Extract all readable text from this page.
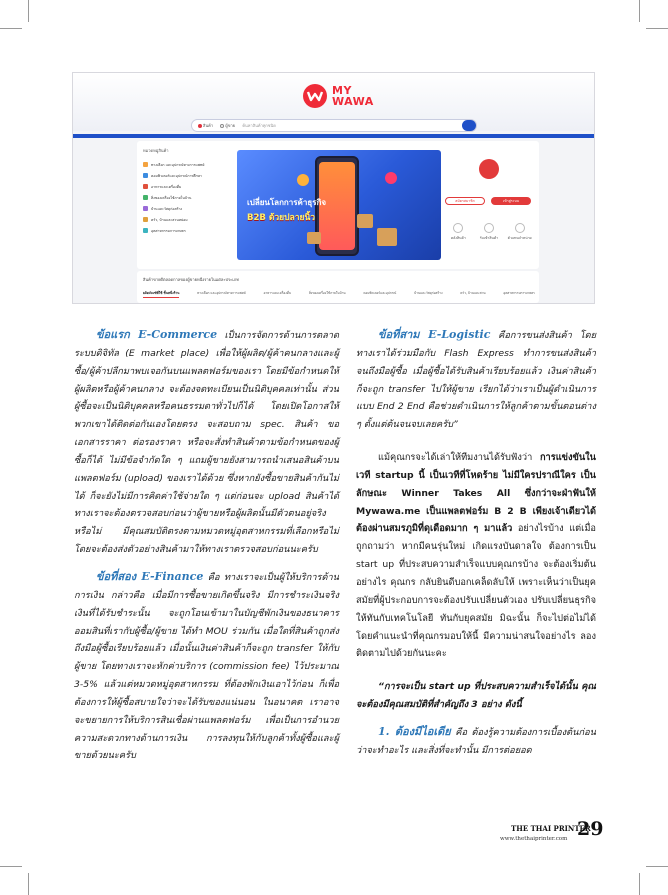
MY
WAWA
สินค้า	ผู้ขาย ค้นหาสินค้าทุกชนิด
หมวดหมู่สินค้า
ทางเลือก และอุปกรณ์ทางการแพทย์
คอมพิวเตอร์และอุปกรณ์การศึกษา
อาหารและเครื่องดื่ม
สิ่งของเครื่องใช้ภายในบ้าน
บ้านและวัสดุก่อสร้าง
ครัว, บ้านและสวนหย่อม
อุตสาหกรรมการเกษตร
เปลี่ยนโลกการค้าธุรกิจ
B2B ด้วยปลายนิ้ว
สมัครสมาชิก	เข้าสู่ระบบ
คลังสินค้า	รับเข้าสินค้า	ตัวแทนจำหน่าย
สินค้าขายดีตลอดกาลของผู้ขายหนึ่งรายในแต่ละประเภท
ผลิตภัณฑ์ที่ใช้ ชิ้นหนึ่งร้าน	ทางเลือก และอุปกรณ์ทางการแพทย์	อาหารและเครื่องดื่ม	สิ่งของเครื่องใช้ภายในบ้าน	คอมพิวเตอร์และอุปกรณ์	บ้านและวัสดุก่อสร้าง	ครัว, บ้านและสวน	อุตสาหกรรมการเกษตร

ข้อแรก E-Commerce เป็นการจัดการด้านการตลาด ระบบดิจิทัล (E market place) เพื่อให้ผู้ผลิต/ผู้ค้าคนกลางและผู้ซื้อ/ผู้ค้าปลีกมาพบเจอกันบนแพลตฟอร์มของเรา โดยมีข้อกำหนดให้ผู้ผลิตหรือผู้ค้าคนกลาง จะต้องจดทะเบียนเป็นนิติบุคคลเท่านั้น ส่วนผู้ซื้อจะเป็นนิติบุคคลหรือคนธรรมดาทั่วไปก็ได้ โดยเปิดโอกาสให้พวกเขาได้ติดต่อกันเองโดยตรง จะสอบถาม spec. สินค้า ขอเอกสารราคา ต่อรองราคา หรือจะสั่งทำสินค้าตามข้อกำหนดของผู้ซื้อก็ได้ ไม่มีข้อจำกัดใด ๆ แถมผู้ขายยังสามารถนำเสนอสินค้าบนแพลตฟอร์ม (upload) ของเราได้ด้วย ซึ่งหากยังซื้อขายสินค้ากันไม่ได้ ก็จะยังไม่มีการคิดค่าใช้จ่ายใด ๆ แต่ก่อนจะ upload สินค้าได้ ทางเราจะต้องตรวจสอบก่อนว่าผู้ขายหรือผู้ผลิตนั้นมีตัวตนอยู่จริงหรือไม่ มีคุณสมบัติตรงตามหมวดหมู่อุตสาหกรรมที่เลือกหรือไม่ โดยจะต้องส่งตัวอย่างสินค้ามาให้ทางเราตรวจสอบก่อนนะครับ

ข้อที่สอง E-Finance คือ ทางเราจะเป็นผู้ให้บริการด้านการเงิน กล่าวคือ เมื่อมีการซื้อขายเกิดขึ้นจริง มีการชำระเงินจริง เงินที่ได้รับชำระนั้น จะถูกโอนเข้ามาในบัญชีพักเงินของธนาคาร ออมสินที่เรากับผู้ซื้อ/ผู้ขาย ได้ทำ MOU ร่วมกัน เมื่อใดที่สินค้าถูกส่งถึงมือผู้ซื้อเรียบร้อยแล้ว เมื่อนั้นเงินค่าสินค้าก็จะถูก transfer ให้กับผู้ขาย โดยทางเราจะหักค่าบริการ (commission fee) ไว้ประมาณ 3-5% แล้วแต่หมวดหมู่อุตสาหกรรม ที่ต้องพักเงินเอาไว้ก่อน ก็เพื่อต้องการให้ผู้ซื้อสบายใจว่าจะได้รับของแน่นอน ในอนาคต เราอาจจะขยายการให้บริการสินเชื่อผ่านแพลตฟอร์ม เพื่อเป็นการอำนวยความสะดวกทางด้านการเงิน การลงทุนให้กับลูกค้าทั้งผู้ซื้อและผู้ขายด้วยนะครับ

ข้อที่สาม E-Logistic คือการขนส่งสินค้า โดยทางเราได้ร่วมมือกับ Flash Express ทำการขนส่งสินค้าจนถึงมือผู้ซื้อ เมื่อผู้ซื้อได้รับสินค้าเรียบร้อยแล้ว เงินค่าสินค้าก็จะถูก transfer ไปให้ผู้ขาย เรียกได้ว่าเราเป็นผู้ดำเนินการแบบ End 2 End คือช่วยดำเนินการให้ลูกค้าตามขั้นตอนต่าง ๆ ตั้งแต่ต้นจนจบเลยครับ”

แม้คุณกรจะได้เล่าให้ทีมงานได้รับฟังว่า การแข่งขันในเวที startup นี้ เป็นเวทีที่โหดร้าย ไม่มีใครปราณีใคร เป็นลักษณะ Winner Takes All ซึ่งกว่าจะฝ่าฟันให้ Mywawa.me เป็นแพลตฟอร์ม B 2 B เพียงเจ้าเดียวได้ ต้องผ่านสมรภูมิที่ดุเดือดมาก ๆ มาแล้ว อย่างไรบ้าง แต่เมื่อถูกถามว่า หากมีคนรุ่นใหม่ เกิดแรงบันดาลใจ ต้องการเป็น start up ที่ประสบความสำเร็จแบบคุณกรบ้าง จะต้องเริ่มต้นอย่างไร คุณกร กลับยินดีบอกเคล็ดลับให้ เพราะเห็นว่าเป็นยุคสมัยที่ผู้ประกอบการจะต้องปรับเปลี่ยนตัวเอง ปรับเปลี่ยนธุรกิจให้ทันกับเทคโนโลยี ทันกับยุคสมัย มิฉะนั้น ก็จะไปต่อไม่ได้ โดยคำแนะนำที่คุณกรมอบให้นี้ มีความน่าสนใจอย่างไร ลองติดตามไปด้วยกันนะคะ

“การจะเป็น start up ที่ประสบความสำเร็จได้นั้น คุณจะต้องมีคุณสมบัติที่สำคัญถึง 3 อย่าง ดังนี้

1. ต้องมีไอเดีย คือ ต้องรู้ความต้องการเบื้องต้นก่อนว่าจะทำอะไร และสิ่งที่จะทำนั้น มีการต่อยอด

THE THAI PRINTER
www.thethaiprinter.com 29
